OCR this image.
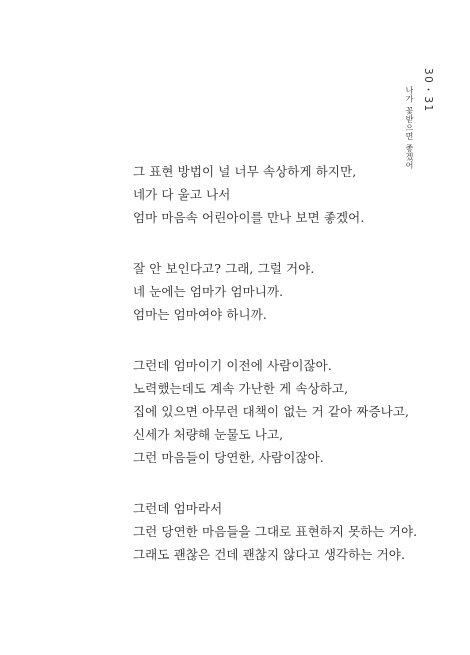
30・31 나가 꽃받으면 좋겠어

그 표현 방법이 널 너무 속상하게 하지만,
네가 다 울고 나서
엄마 마음속 어린아이를 만나 보면 좋겠어.

잘 안 보인다고? 그래, 그럴 거야.
네 눈에는 엄마가 엄마니까.
엄마는 엄마여야 하니까.

그런데 엄마이기 이전에 사람이잖아.
노력했는데도 계속 가난한 게 속상하고,
집에 있으면 아무런 대책이 없는 거 같아 짜증나고,
신세가 처량해 눈물도 나고,
그런 마음들이 당연한, 사람이잖아.

그런데 엄마라서
그런 당연한 마음들을 그대로 표현하지 못하는 거야.
그래도 괜찮은 건데 괜찮지 않다고 생각하는 거야.
